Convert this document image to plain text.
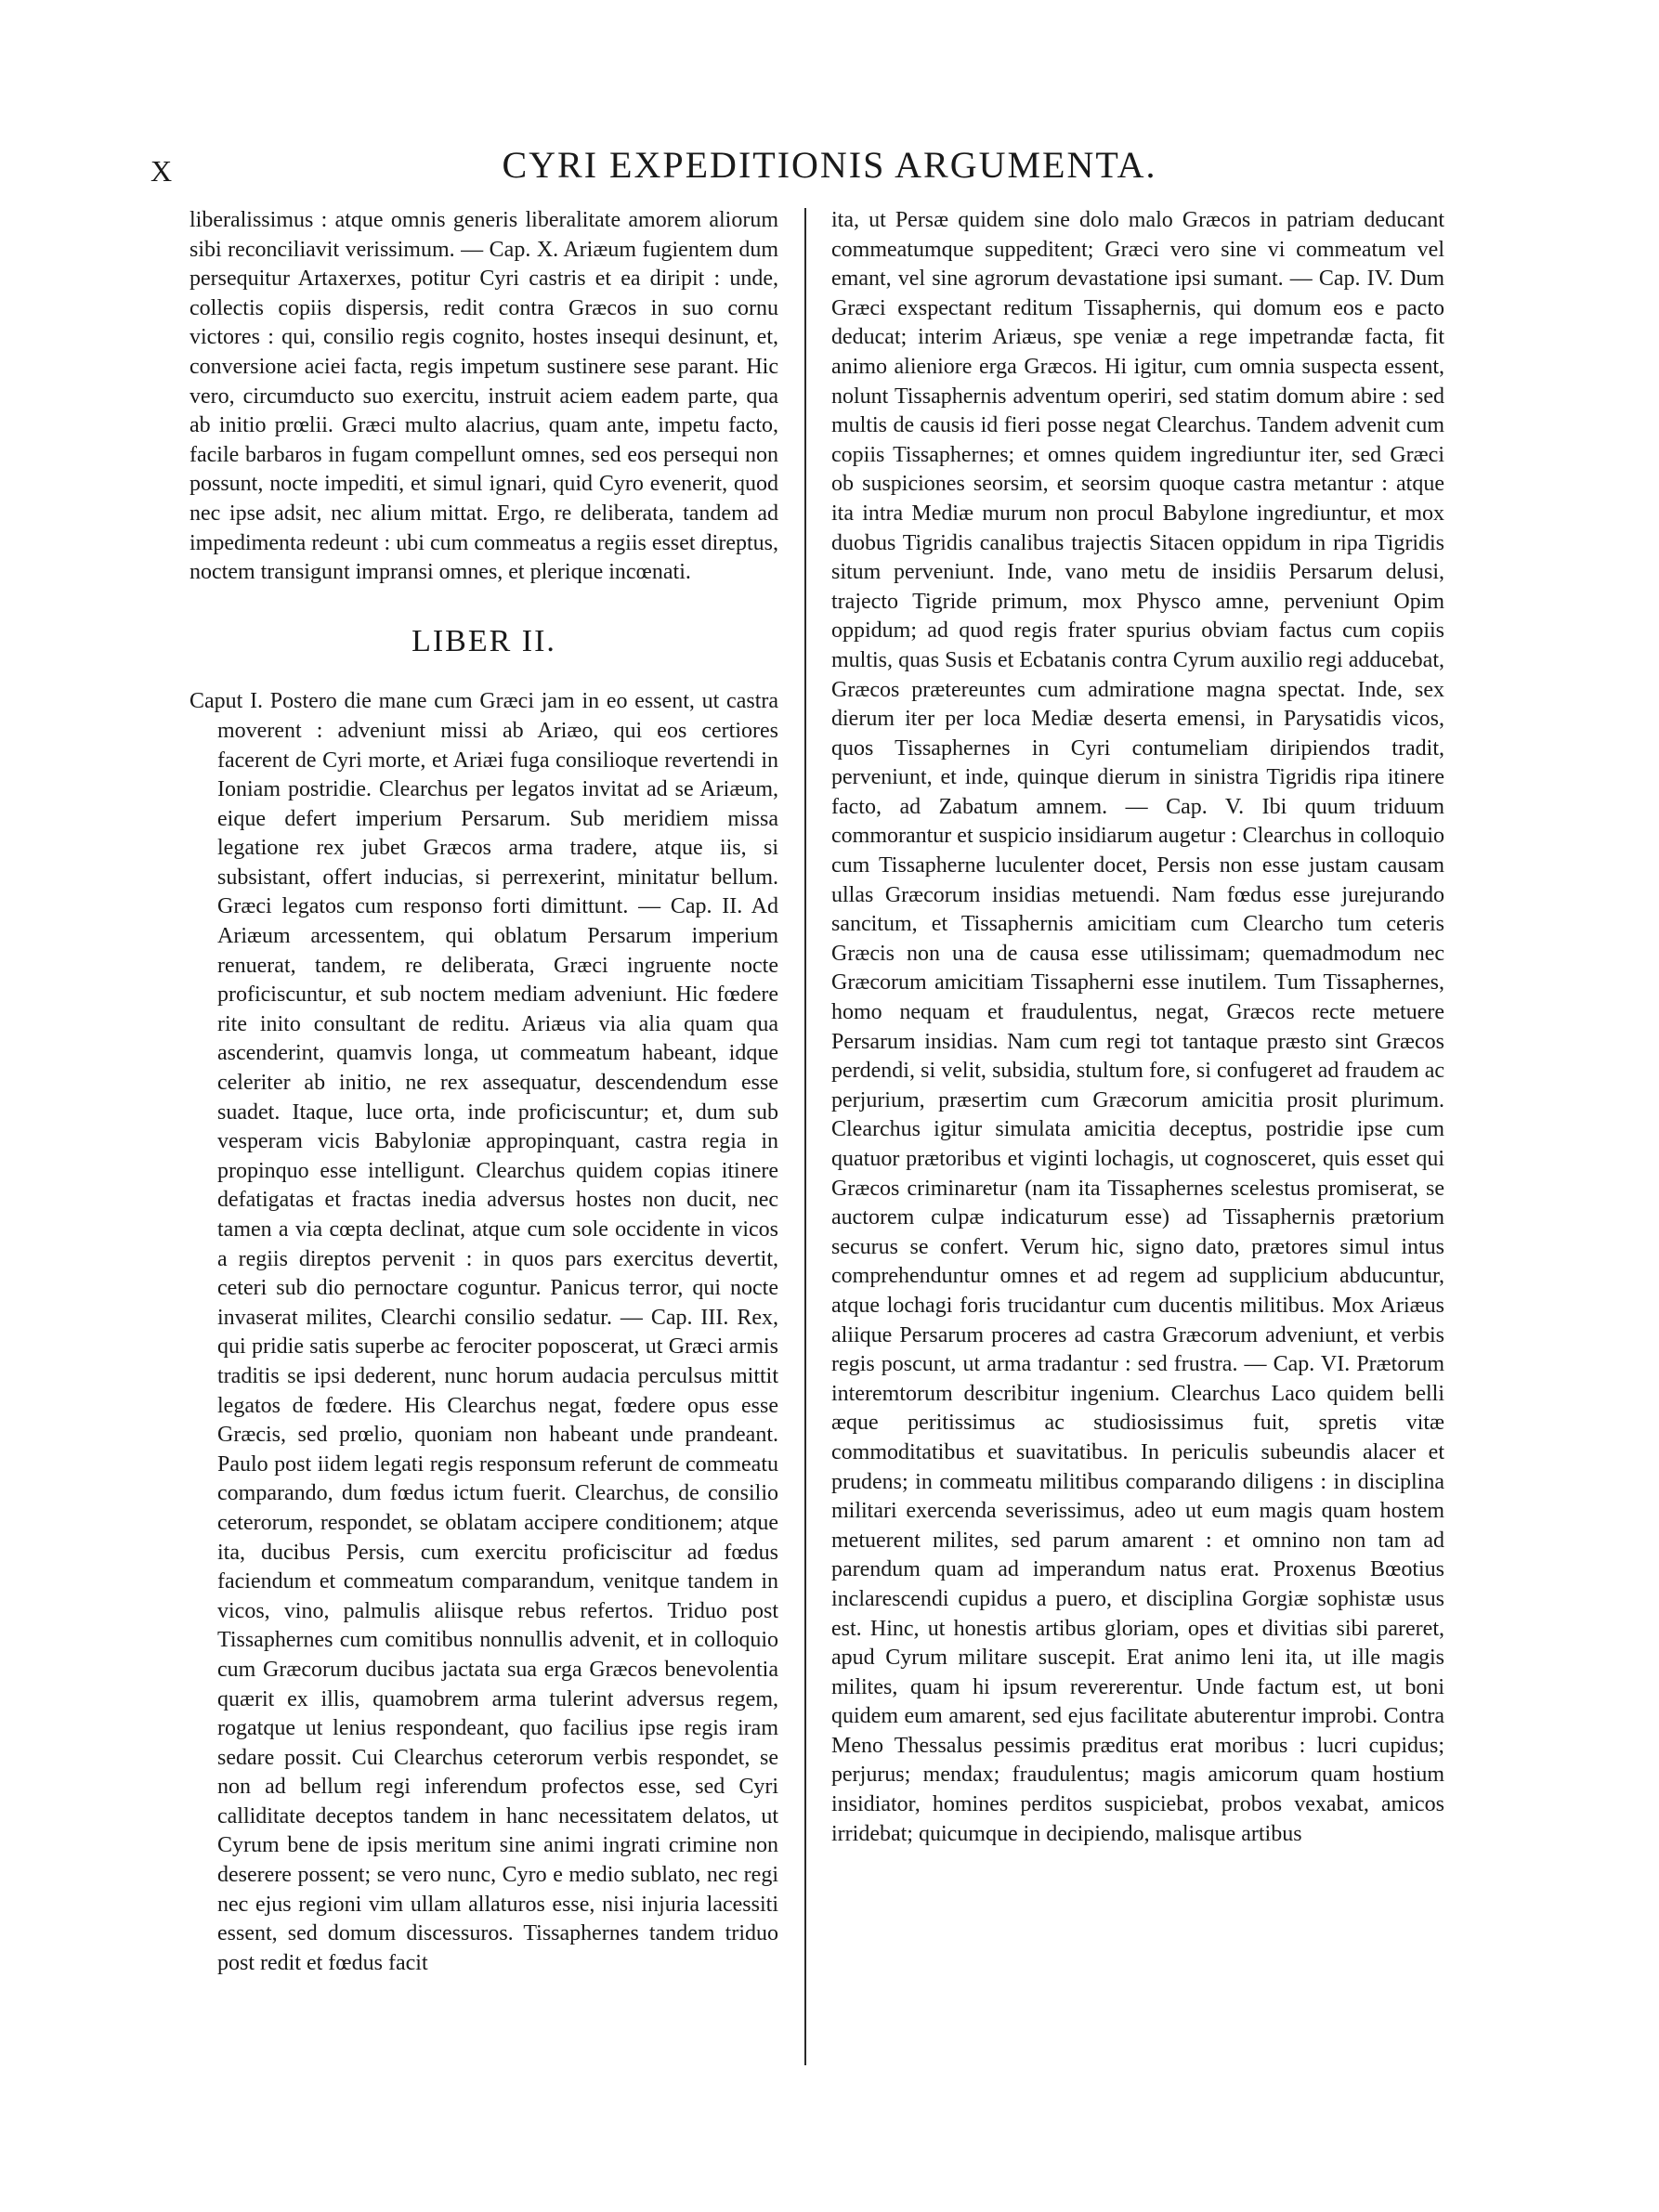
X	CYRI EXPEDITIONIS ARGUMENTA.

liberalissimus : atque omnis generis liberalitate amorem aliorum sibi reconciliavit verissimum. — Cap. X. Ariæum fugientem dum persequitur Artaxerxes, potitur Cyri castris et ea diripit : unde, collectis copiis dispersis, redit contra Græcos in suo cornu victores : qui, consilio regis cognito, hostes insequi desinunt, et, conversione aciei facta, regis impetum sustinere sese parant. Hic vero, circumducto suo exercitu, instruit aciem eadem parte, qua ab initio prœlii. Græci multo alacrius, quam ante, impetu facto, facile barbaros in fugam compellunt omnes, sed eos persequi non possunt, nocte impediti, et simul ignari, quid Cyro evenerit, quod nec ipse adsit, nec alium mittat. Ergo, re deliberata, tandem ad impedimenta redeunt : ubi cum commeatus a regiis esset direptus, noctem transigunt impransi omnes, et plerique incœnati.

LIBER II.

Caput I. Postero die mane cum Græci jam in eo essent, ut castra moverent : adveniunt missi ab Ariæo, qui eos certiores facerent de Cyri morte, et Ariæi fuga consilioque revertendi in Ioniam postridie. Clearchus per legatos invitat ad se Ariæum, eique defert imperium Persarum. Sub meridiem missa legatione rex jubet Græcos arma tradere, atque iis, si subsistant, offert inducias, si perrexerint, minitatur bellum. Græci legatos cum responso forti dimittunt. — Cap. II. Ad Ariæum arcessentem, qui oblatum Persarum imperium renuerat, tandem, re deliberata, Græci ingruente nocte proficiscuntur, et sub noctem mediam adveniunt. Hic fœdere rite inito consultant de reditu. Ariæus via alia quam qua ascenderint, quamvis longa, ut commeatum habeant, idque celeriter ab initio, ne rex assequatur, descendendum esse suadet. Itaque, luce orta, inde proficiscuntur; et, dum sub vesperam vicis Babyloniæ appropinquant, castra regia in propinquo esse intelligunt. Clearchus quidem copias itinere defatigatas et fractas inedia adversus hostes non ducit, nec tamen a via cœpta declinat, atque cum sole occidente in vicos a regiis direptos pervenit : in quos pars exercitus devertit, ceteri sub dio pernoctare coguntur. Panicus terror, qui nocte invaserat milites, Clearchi consilio sedatur. — Cap. III. Rex, qui pridie satis superbe ac ferociter poposcerat, ut Græci armis traditis se ipsi dederent, nunc horum audacia perculsus mittit legatos de fœdere. His Clearchus negat, fœdere opus esse Græcis, sed prœlio, quoniam non habeant unde prandeant. Paulo post iidem legati regis responsum referunt de commeatu comparando, dum fœdus ictum fuerit. Clearchus, de consilio ceterorum, respondet, se oblatam accipere conditionem; atque ita, ducibus Persis, cum exercitu proficiscitur ad fœdus faciendum et commeatum comparandum, venitque tandem in vicos, vino, palmulis aliisque rebus refertos. Triduo post Tissaphernes cum comitibus nonnullis advenit, et in colloquio cum Græcorum ducibus jactata sua erga Græcos benevolentia quærit ex illis, quamobrem arma tulerint adversus regem, rogatque ut lenius respondeant, quo facilius ipse regis iram sedare possit. Cui Clearchus ceterorum verbis respondet, se non ad bellum regi inferendum profectos esse, sed Cyri calliditate deceptos tandem in hanc necessitatem delatos, ut Cyrum bene de ipsis meritum sine animi ingrati crimine non deserere possent; se vero nunc, Cyro e medio sublato, nec regi nec ejus regioni vim ullam allaturos esse, nisi injuria lacessiti essent, sed domum discessuros. Tissaphernes tandem triduo post redit et fœdus facit

ita, ut Persæ quidem sine dolo malo Græcos in patriam deducant commeatumque suppeditent; Græci vero sine vi commeatum vel emant, vel sine agrorum devastatione ipsi sumant. — Cap. IV. Dum Græci exspectant reditum Tissaphernis, qui domum eos e pacto deducat; interim Ariæus, spe veniæ a rege impetrandæ facta, fit animo alieniore erga Græcos. Hi igitur, cum omnia suspecta essent, nolunt Tissaphernis adventum operiri, sed statim domum abire : sed multis de causis id fieri posse negat Clearchus. Tandem advenit cum copiis Tissaphernes; et omnes quidem ingrediuntur iter, sed Græci ob suspiciones seorsim, et seorsim quoque castra metantur : atque ita intra Mediæ murum non procul Babylone ingrediuntur, et mox duobus Tigridis canalibus trajectis Sitacen oppidum in ripa Tigridis situm perveniunt. Inde, vano metu de insidiis Persarum delusi, trajecto Tigride primum, mox Physco amne, perveniunt Opim oppidum; ad quod regis frater spurius obviam factus cum copiis multis, quas Susis et Ecbatanis contra Cyrum auxilio regi adducebat, Græcos prætereuntes cum admiratione magna spectat. Inde, sex dierum iter per loca Mediæ deserta emensi, in Parysatidis vicos, quos Tissaphernes in Cyri contumeliam diripiendos tradit, perveniunt, et inde, quinque dierum in sinistra Tigridis ripa itinere facto, ad Zabatum amnem. — Cap. V. Ibi quum triduum commorantur et suspicio insidiarum augetur : Clearchus in colloquio cum Tissapherne luculenter docet, Persis non esse justam causam ullas Græcorum insidias metuendi. Nam fœdus esse jurejurando sancitum, et Tissaphernis amicitiam cum Clearcho tum ceteris Græcis non una de causa esse utilissimam; quemadmodum nec Græcorum amicitiam Tissapherni esse inutilem. Tum Tissaphernes, homo nequam et fraudulentus, negat, Græcos recte metuere Persarum insidias. Nam cum regi tot tantaque præsto sint Græcos perdendi, si velit, subsidia, stultum fore, si confugeret ad fraudem ac perjurium, præsertim cum Græcorum amicitia prosit plurimum. Clearchus igitur simulata amicitia deceptus, postridie ipse cum quatuor prætoribus et viginti lochagis, ut cognosceret, quis esset qui Græcos criminaretur (nam ita Tissaphernes scelestus promiserat, se auctorem culpæ indicaturum esse) ad Tissaphernis prætorium securus se confert. Verum hic, signo dato, prætores simul intus comprehenduntur omnes et ad regem ad supplicium abducuntur, atque lochagi foris trucidantur cum ducentis militibus. Mox Ariæus aliique Persarum proceres ad castra Græcorum adveniunt, et verbis regis poscunt, ut arma tradantur : sed frustra. — Cap. VI. Prætorum interemtorum describitur ingenium. Clearchus Laco quidem belli æque peritissimus ac studiosissimus fuit, spretis vitæ commoditatibus et suavitatibus. In periculis subeundis alacer et prudens; in commeatu militibus comparando diligens : in disciplina militari exercenda severissimus, adeo ut eum magis quam hostem metuerent milites, sed parum amarent : et omnino non tam ad parendum quam ad imperandum natus erat. Proxenus Bœotius inclarescendi cupidus a puero, et disciplina Gorgiæ sophistæ usus est. Hinc, ut honestis artibus gloriam, opes et divitias sibi pareret, apud Cyrum militare suscepit. Erat animo leni ita, ut ille magis milites, quam hi ipsum revererentur. Unde factum est, ut boni quidem eum amarent, sed ejus facilitate abuterentur improbi. Contra Meno Thessalus pessimis præditus erat moribus : lucri cupidus; perjurus; mendax; fraudulentus; magis amicorum quam hostium insidiator, homines perditos suspiciebat, probos vexabat, amicos irridebat; quicumque in decipiendo, malisque artibus
